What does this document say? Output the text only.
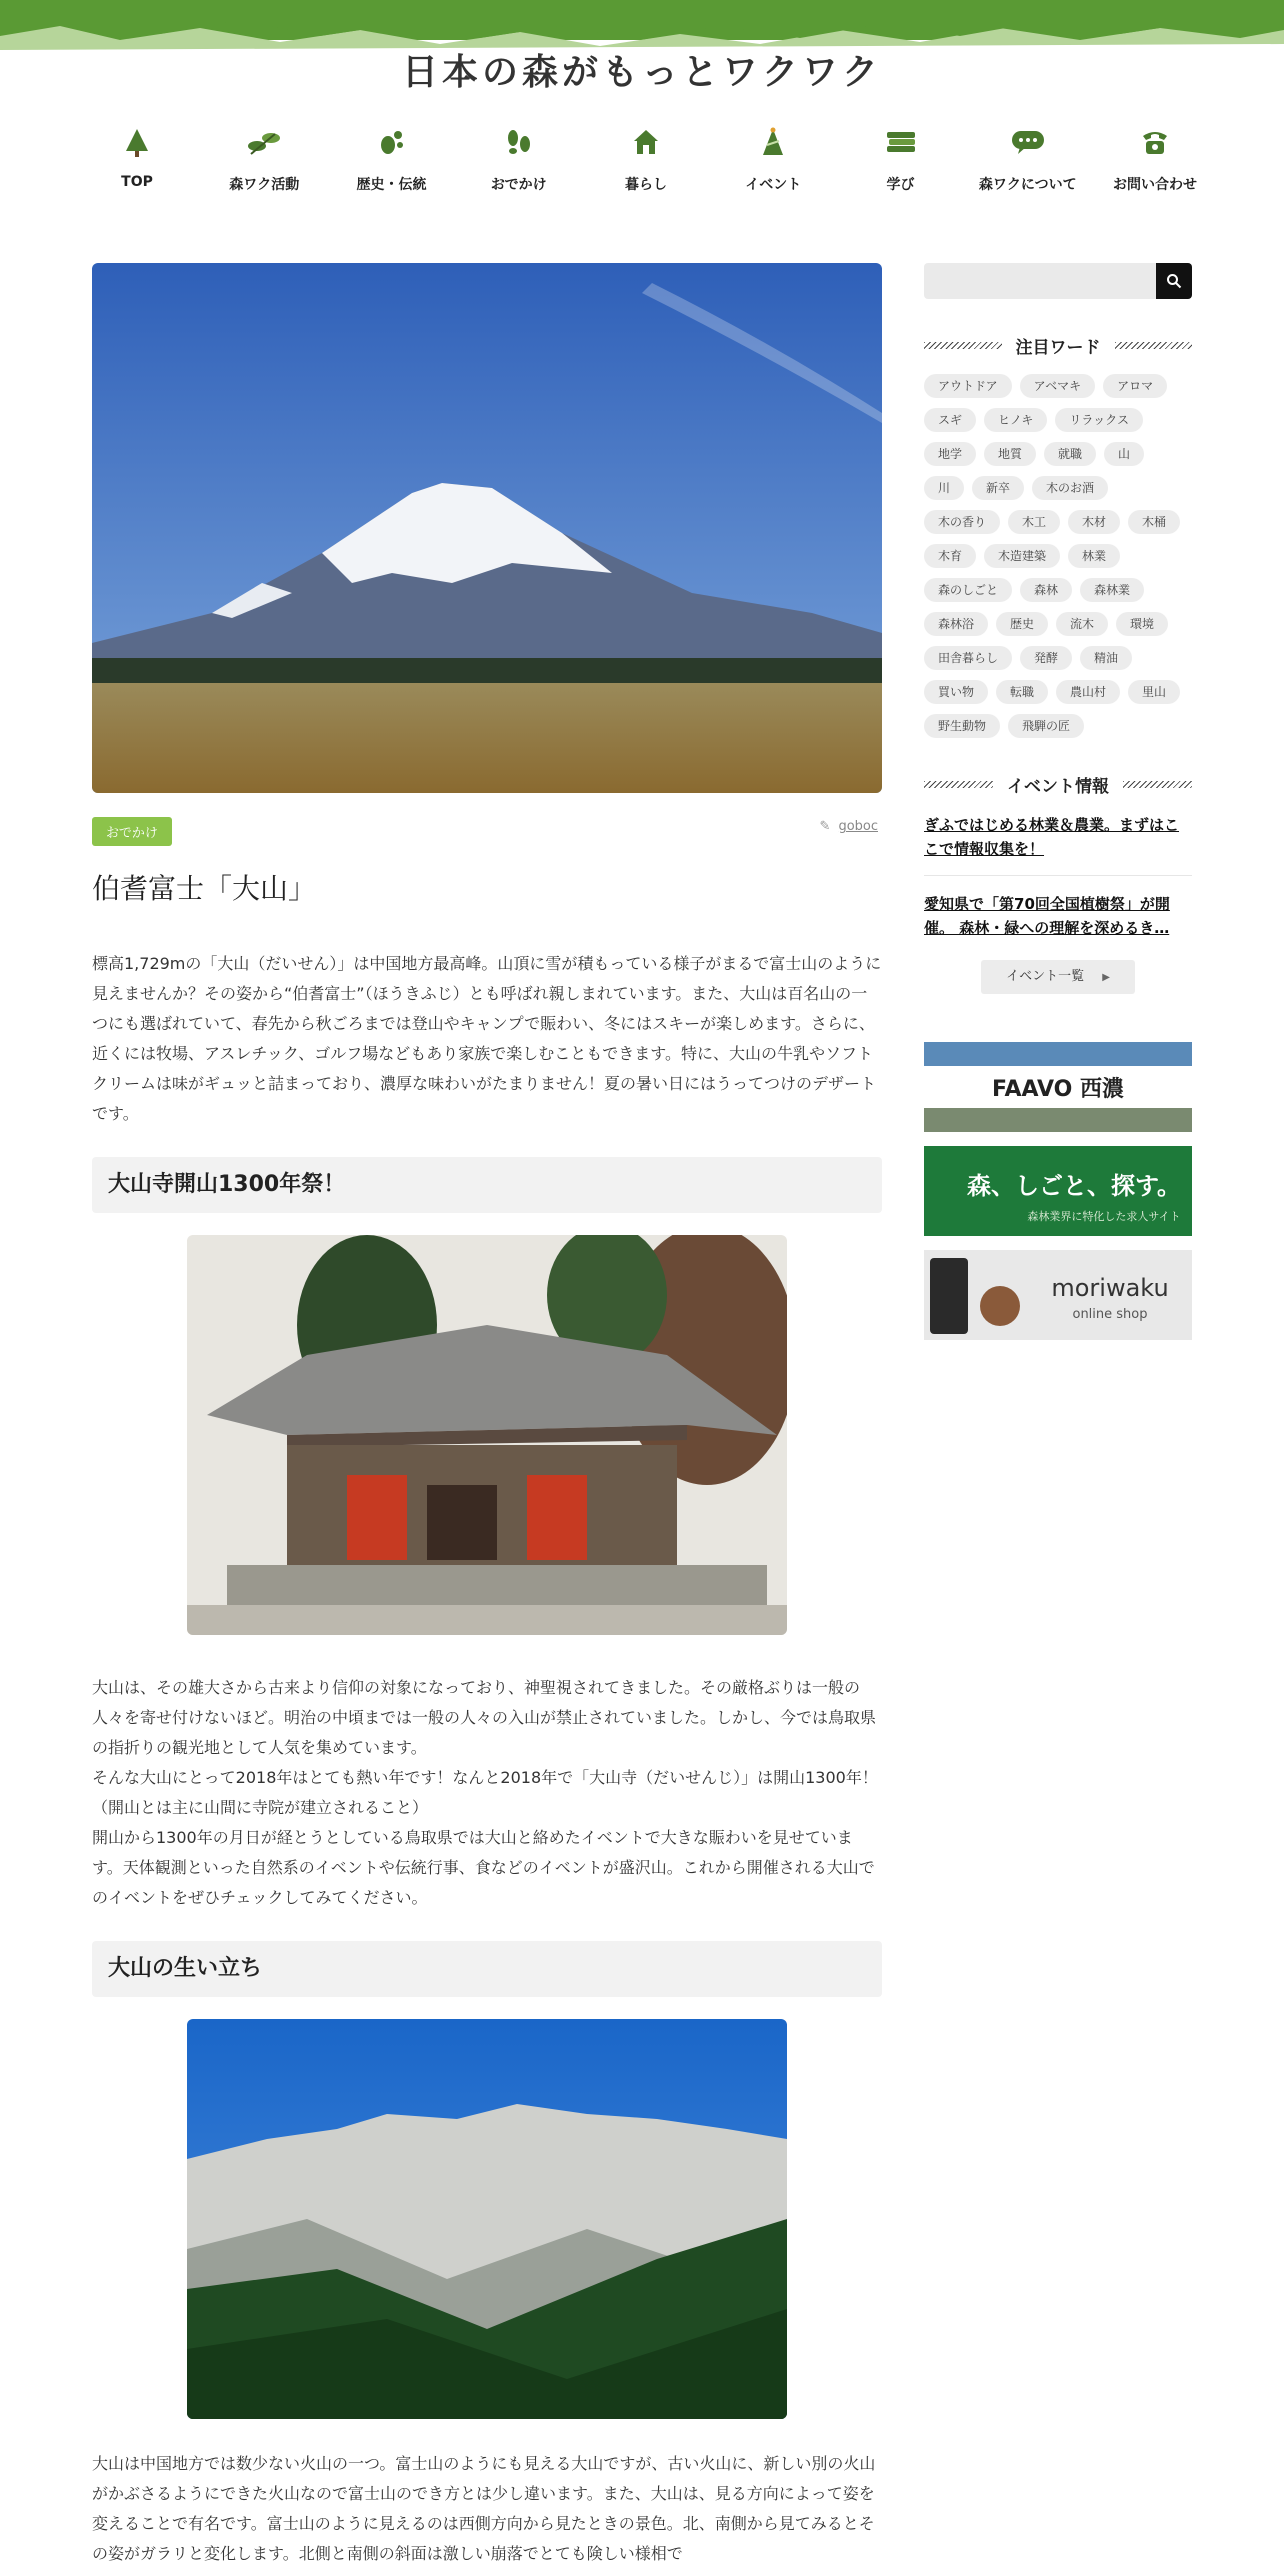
日本の森がもっとワクワク
TOP	森ワク活動	歴史・伝統	おでかけ	暮らし	イベント	学び	森ワクについて	お問い合わせ
おでかけ	✎ goboc
伯耆富士「大山」

標高1,729mの「大山（だいせん）」は中国地方最高峰。山頂に雪が積もっている様子がまるで富士山のように見えませんか？その姿から“伯耆富士”（ほうきふじ）とも呼ばれ親しまれています。また、大山は百名山の一つにも選ばれていて、春先から秋ごろまでは登山やキャンプで賑わい、冬にはスキーが楽しめます。さらに、近くには牧場、アスレチック、ゴルフ場などもあり家族で楽しむこともできます。特に、大山の牛乳やソフトクリームは味がギュッと詰まっており、濃厚な味わいがたまりません！夏の暑い日にはうってつけのデザートです。

大山寺開山1300年祭！

大山は、その雄大さから古来より信仰の対象になっており、神聖視されてきました。その厳格ぶりは一般の人々を寄せ付けないほど。明治の中頃までは一般の人々の入山が禁止されていました。しかし、今では鳥取県の指折りの観光地として人気を集めています。

そんな大山にとって2018年はとても熱い年です！なんと2018年で「大山寺（だいせんじ）」は開山1300年！（開山とは主に山間に寺院が建立されること）

開山から1300年の月日が経とうとしている鳥取県では大山と絡めたイベントで大きな賑わいを見せています。天体観測といった自然系のイベントや伝統行事、食などのイベントが盛沢山。これから開催される大山でのイベントをぜひチェックしてみてください。

大山の生い立ち

大山は中国地方では数少ない火山の一つ。富士山のようにも見える大山ですが、古い火山に、新しい別の火山がかぶさるようにできた火山なので富士山のでき方とは少し違います。また、大山は、見る方向によって姿を変えることで有名です。富士山のように見えるのは西側方向から見たときの景色。北、南側から見てみるとその姿がガラリと変化します。北側と南側の斜面は激しい崩落でとても険しい様相で

注目ワード
アウトドア	アベマキ	アロマ
スギ	ヒノキ	リラックス
地学	地質	就職	山
川	新卒	木のお酒
木の香り	木工	木材	木桶
木育	木造建築	林業
森のしごと	森林	森林業
森林浴	歴史	流木	環境
田舎暮らし	発酵	精油
買い物	転職	農山村	里山
野生動物	飛騨の匠
イベント情報
ぎふではじめる林業＆農業。まずはここで情報収集を！
愛知県で「第70回全国植樹祭」が開催。 森林・緑への理解を深めるき…
イベント一覧 ▶
FAAVO 西濃
森、しごと、探す。
森林業界に特化した求人サイト
moriwaku
online shop
